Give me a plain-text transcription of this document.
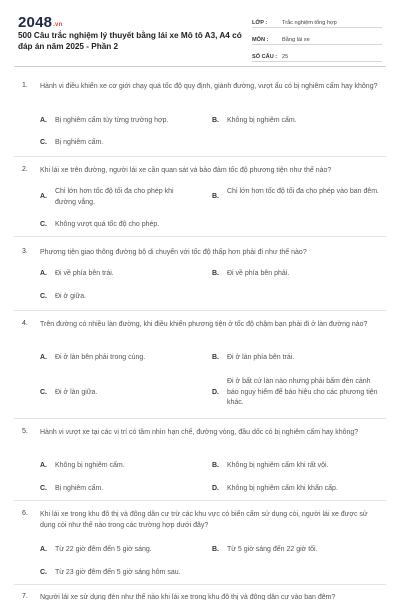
2048.vn
500 Câu trắc nghiệm lý thuyết bằng lái xe Mô tô A3, A4 có đáp án năm 2025 - Phần 2
LỚP :	Trắc nghiệm tổng hợp
MÔN :	Bằng lái xe
SỐ CÂU : 25
1. Hành vi điều khiển xe cơ giới chạy quá tốc độ quy định, giành đường, vượt ẩu có bị nghiêm cấm hay không?
A. Bị nghiêm cấm tùy từng trường hợp.	B. Không bị nghiêm cấm.
C. Bị nghiêm cấm.
2. Khi lái xe trên đường, người lái xe cần quan sát và bảo đảm tốc độ phương tiện như thế nào?
A.
Chỉ lớn hơn tốc độ tối đa cho phép khi đường vắng.
B.
Chỉ lớn hơn tốc độ tối đa cho phép vào ban đêm.
C. Không vượt quá tốc độ cho phép.
3. Phương tiện giao thông đường bộ di chuyển với tốc độ thấp hơn phải đi như thế nào?
A. Đi về phía bên trái.	B. Đi về phía bên phải.
C. Đi ở giữa.
4. Trên đường có nhiều làn đường, khi điều khiển phương tiện ở tốc độ chậm bạn phải đi ở làn đường nào?
A. Đi ở làn bên phải trong cùng.	B. Đi ở làn phía bên trái.
C. Đi ở làn giữa.	D.
Đi ở bất cứ làn nào nhưng phải bấm đèn cảnh báo nguy hiểm để báo hiệu cho các phương tiện khác.
5. Hành vi vượt xe tại các vị trí có tầm nhìn hạn chế, đường vòng, đầu dốc có bị nghiêm cấm hay không?
A. Không bị nghiêm cấm.	B. Không bị nghiêm cấm khi rất vội.
C. Bị nghiêm cấm.	D. Không bị nghiêm cấm khi khẩn cấp.
6. Khi lái xe trong khu đô thị và đông dân cư trừ các khu vực có biển cấm sử dụng còi, người lái xe được sử dụng còi như thế nào trong các trường hợp dưới đây?
A. Từ 22 giờ đêm đến 5 giờ sáng.	B. Từ 5 giờ sáng đến 22 giờ tối.
C. Từ 23 giờ đêm đến 5 giờ sáng hôm sau.
7. Người lái xe sử dụng đèn như thế nào khi lái xe trong khu đô thị và đông dân cư vào ban đêm?
